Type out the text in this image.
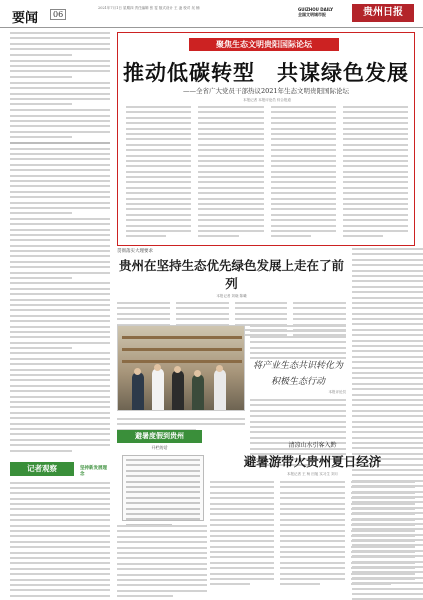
要闻	06
2021年7月1日 星期四 责任编辑 张 雯 版式设计 王 凌 校对 吴 楠	GUIZHOU DAILY
全国文明城市报	贵州日报
记者观察	坚持新发展理念
聚焦生态文明贵阳国际论坛
推动低碳转型　共谋绿色发展
——全省广大党员干部热议2021年生态文明贵阳国际论坛
本报记者 本报评论员 综合报道
贯彻落实大理要求
贵州在坚持生态优先绿色发展上走在了前列
本报记者 刘晓 陈曦
将产业生态共识转化为
积极生态行动
本报评论员
避暑度假到贵州
开栏的话	清凉山水引客入黔
避暑游带火贵州夏日经济
本报记者 王 杨 田旭 实习生 刘月
